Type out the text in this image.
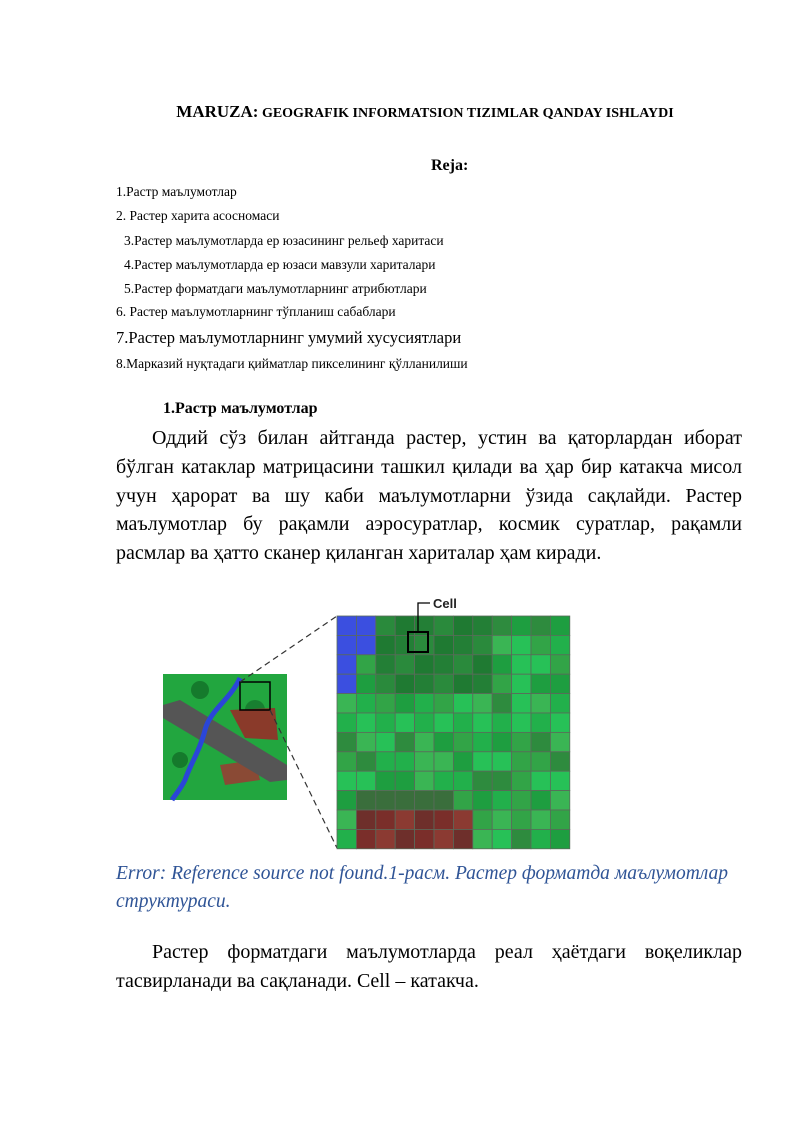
MARUZA: GEOGRAFIK INFORMATSION TIZIMLAR QANDAY ISHLAYDI
Reja:
1.Растр маълумотлар
2. Растер харита асосномаси
3.Растер маълумотларда ер юзасининг рельеф харитаси
4.Растер маълумотларда ер юзаси мавзули хариталари
5.Растер форматдаги маълумотларнинг атрибютлари
6. Растер маълумотларнинг тўпланиш сабаблари
7.Растер маълумотларнинг умумий хусусиятлари
8.Марказий нуқтадаги қийматлар пикселининг қўлланилиши
1.Растр маълумотлар
Оддий сўз билан айтганда растер, устин ва қаторлардан иборат бўлган катаклар матрицасини ташкил қилади ва ҳар бир катакча мисол учун ҳарорат ва шу каби маълумотларни ўзида сақлайди. Растер маълумотлар бу рақамли аэросуратлар, космик суратлар, рақамли расмлар ва ҳатто сканер қиланган хариталар ҳам киради.
Cell
Error: Reference source not found.1-расм. Растер форматда маълумотлар структураси.
Растер форматдаги маълумотларда реал ҳаётдаги воқеликлар тасвирланади ва сақланади. Cell – катакча.
